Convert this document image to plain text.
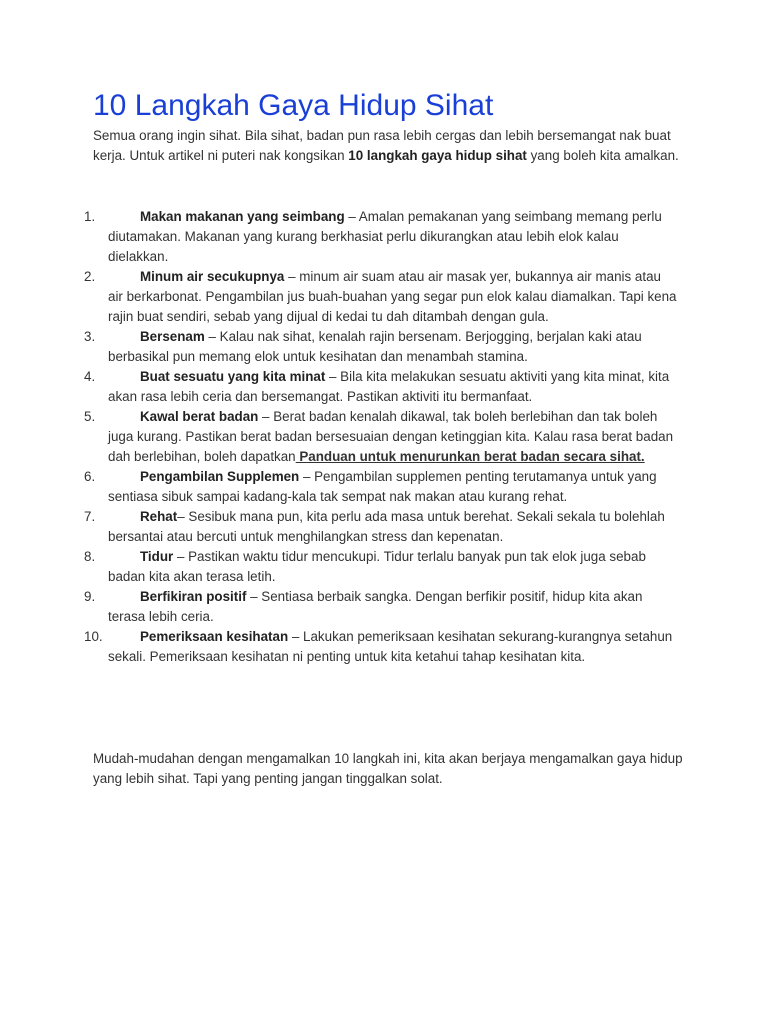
10 Langkah Gaya Hidup Sihat

Semua orang ingin sihat. Bila sihat, badan pun rasa lebih cergas dan lebih bersemangat nak buat kerja. Untuk artikel ni puteri nak kongsikan 10 langkah gaya hidup sihat yang boleh kita amalkan.

1.	Makan makanan yang seimbang – Amalan pemakanan yang seimbang memang perlu diutamakan. Makanan yang kurang berkhasiat perlu dikurangkan atau lebih elok kalau dielakkan.
2.	Minum air secukupnya – minum air suam atau air masak yer, bukannya air manis atau air berkarbonat. Pengambilan jus buah-buahan yang segar pun elok kalau diamalkan. Tapi kena rajin buat sendiri, sebab yang dijual di kedai tu dah ditambah dengan gula.
3.	Bersenam – Kalau nak sihat, kenalah rajin bersenam. Berjogging, berjalan kaki atau berbasikal pun memang elok untuk kesihatan dan menambah stamina.
4.	Buat sesuatu yang kita minat – Bila kita melakukan sesuatu aktiviti yang kita minat, kita akan rasa lebih ceria dan bersemangat. Pastikan aktiviti itu bermanfaat.
5.	Kawal berat badan – Berat badan kenalah dikawal, tak boleh berlebihan dan tak boleh juga kurang. Pastikan berat badan bersesuaian dengan ketinggian kita. Kalau rasa berat badan dah berlebihan, boleh dapatkan Panduan untuk menurunkan berat badan secara sihat.
6.	Pengambilan Supplemen – Pengambilan supplemen penting terutamanya untuk yang sentiasa sibuk sampai kadang-kala tak sempat nak makan atau kurang rehat.
7.	Rehat– Sesibuk mana pun, kita perlu ada masa untuk berehat. Sekali sekala tu bolehlah bersantai atau bercuti untuk menghilangkan stress dan kepenatan.
8.	Tidur – Pastikan waktu tidur mencukupi. Tidur terlalu banyak pun tak elok juga sebab badan kita akan terasa letih.
9.	Berfikiran positif – Sentiasa berbaik sangka. Dengan berfikir positif, hidup kita akan terasa lebih ceria.
10.	Pemeriksaan kesihatan – Lakukan pemeriksaan kesihatan sekurang-kurangnya setahun sekali. Pemeriksaan kesihatan ni penting untuk kita ketahui tahap kesihatan kita.

Mudah-mudahan dengan mengamalkan 10 langkah ini, kita akan berjaya mengamalkan gaya hidup yang lebih sihat. Tapi yang penting jangan tinggalkan solat.
